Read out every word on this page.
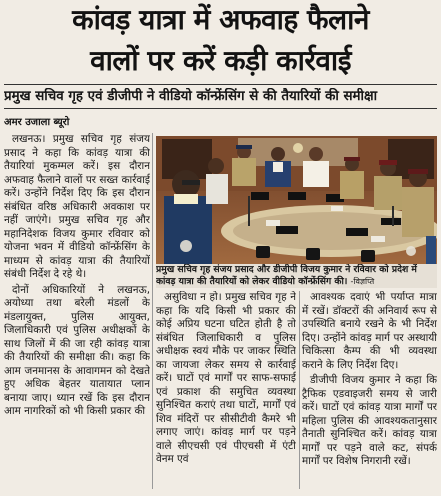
कांवड़ यात्रा में अफवाह फैलाने
वालों पर करें कड़ी कार्रवाई
प्रमुख सचिव गृह एवं डीजीपी ने वीडियो कॉन्फ्रेंसिंग से की तैयारियों की समीक्षा
अमर उजाला ब्यूरो

लखनऊ। प्रमुख सचिव गृह संजय प्रसाद ने कहा कि कांवड़ यात्रा की तैयारियां मुकम्मल करें। इस दौरान अफवाह फैलाने वालों पर सख्त कार्रवाई करें। उन्होंने निर्देश दिए कि इस दौरान संबंधित वरिष्ठ अधिकारी अवकाश पर नहीं जाएंगे। प्रमुख सचिव गृह और महानिदेशक विजय कुमार रविवार को योजना भवन में वीडियो कॉन्फ्रेंसिंग के माध्यम से कांवड़ यात्रा की तैयारियों संबंधी निर्देश दे रहे थे।

दोनों अधिकारियों ने लखनऊ, अयोध्या तथा बरेली मंडलों के मंडलायुक्त, पुलिस आयुक्त, जिलाधिकारी एवं पुलिस अधीक्षकों के साथ जिलों में की जा रही कांवड़ यात्रा की तैयारियों की समीक्षा की। कहा कि आम जनमानस के आवागमन को देखते हुए अधिक बेहतर यातायात प्लान बनाया जाए। ध्यान रखें कि इस दौरान आम नागरिकों को भी किसी प्रकार की

प्रमुख सचिव गृह संजय प्रसाद और डीजीपी विजय कुमार ने रविवार को प्रदेश में कांवड़ यात्रा की तैयारियों को लेकर वीडियो कॉन्फ्रेंसिंग की। -विज्ञप्ति

असुविधा न हो। प्रमुख सचिव गृह ने कहा कि यदि किसी भी प्रकार की कोई अप्रिय घटना घटित होती है तो संबंधित जिलाधिकारी व पुलिस अधीक्षक स्वयं मौके पर जाकर स्थिति का जायजा लेकर समय से कार्रवाई करें। घाटों एवं मार्गों पर साफ-सफाई एवं प्रकाश की समुचित व्यवस्था सुनिश्चित कराएं तथा घाटों, मार्गों एवं शिव मंदिरों पर सीसीटीवी कैमरे भी लगाए जाएं। कांवड़ मार्ग पर पड़ने वाले सीएचसी एवं पीएचसी में एंटी वेनम एवं

आवश्यक दवाएं भी पर्याप्त मात्रा में रखें। डॉक्टरों की अनिवार्य रूप से उपस्थिति बनाये रखने के भी निर्देश दिए। उन्होंने कांवड़ मार्ग पर अस्थायी चिकित्सा कैम्प की भी व्यवस्था कराने के लिए निर्देश दिए।

डीजीपी विजय कुमार ने कहा कि ट्रैफिक एडवाइजरी समय से जारी करें। घाटों एवं कांवड़ यात्रा मार्गों पर महिला पुलिस की आवश्यकतानुसार तैनाती सुनिश्चित करें। कांवड़ यात्रा मार्गों पर पड़ने वाले कट, संपर्क मार्गों पर विशेष निगरानी रखें।
